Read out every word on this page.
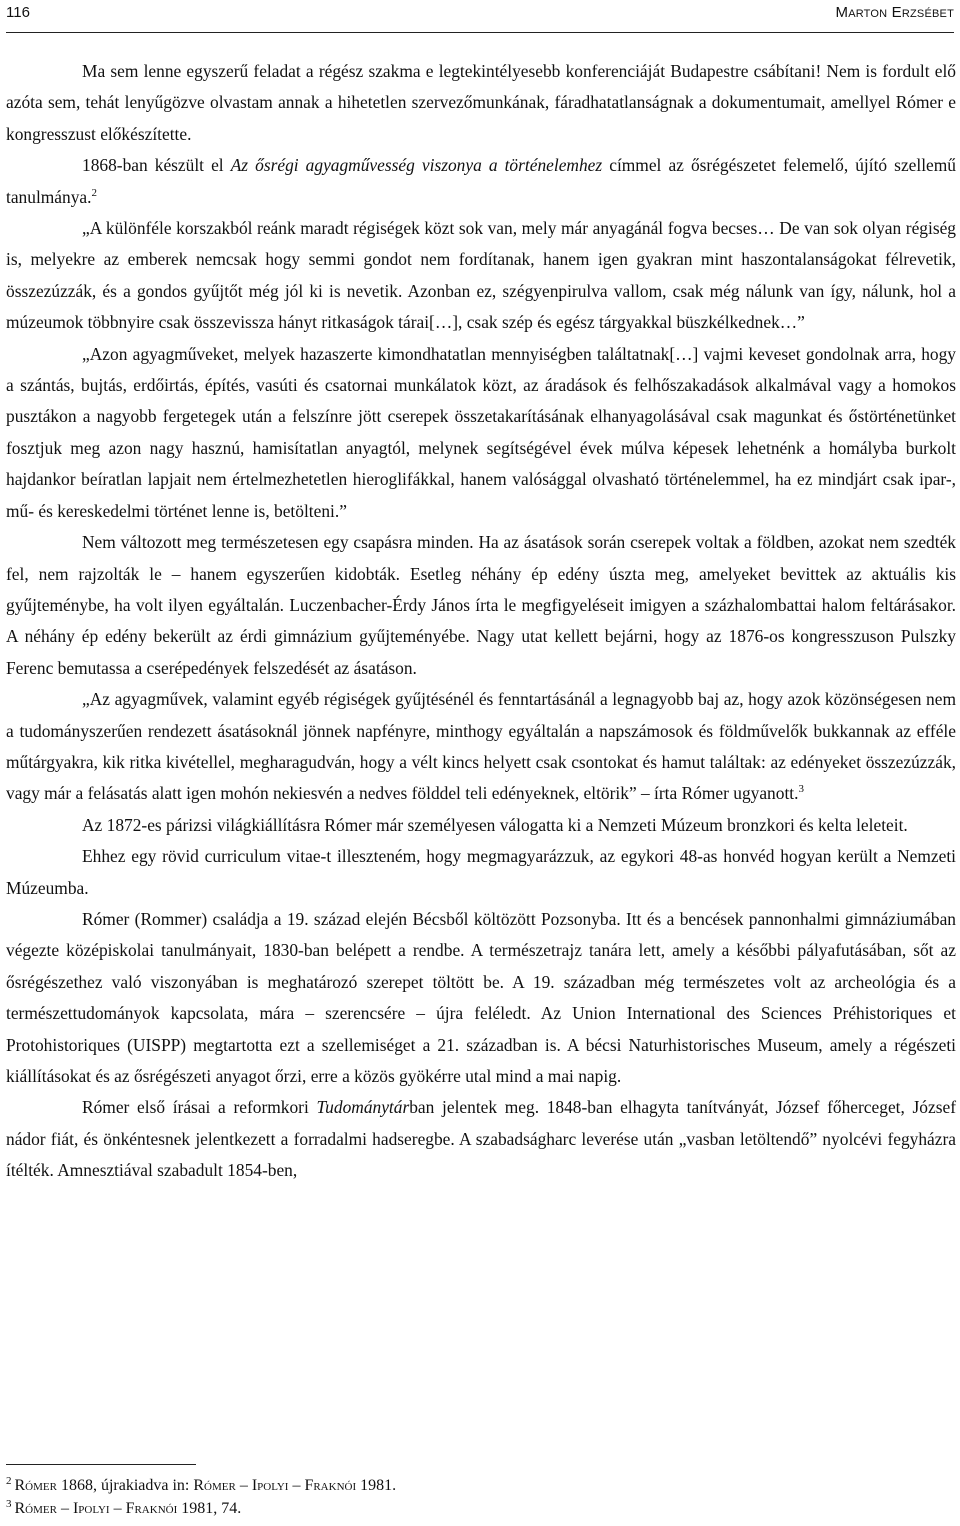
116	Marton Erzsébet

Ma sem lenne egyszerű feladat a régész szakma e legtekintélyesebb konferenciáját Budapestre csábítani! Nem is fordult elő azóta sem, tehát lenyűgözve olvastam annak a hihetetlen szervezőmunkának, fáradhatatlanságnak a dokumentumait, amellyel Rómer e kongresszust előkészítette.

1868-ban készült el Az ősrégi agyagművesség viszonya a történelemhez címmel az ősrégészetet felemelő, újító szellemű tanulmánya.$^2$

„A különféle korszakból reánk maradt régiségek közt sok van, mely már anyagánál fogva becses… De van sok olyan régiség is, melyekre az emberek nemcsak hogy semmi gondot nem fordítanak, hanem igen gyakran mint haszontalanságokat félrevetik, összezúzzák, és a gondos gyűjtőt még jól ki is nevetik. Azonban ez, szégyenpirulva vallom, csak még nálunk van így, nálunk, hol a múzeumok többnyire csak összevissza hányt ritkaságok tárai[…], csak szép és egész tárgyakkal büszkélkednek…”

„Azon agyagműveket, melyek hazaszerte kimondhatatlan mennyiségben találtatnak[…] vajmi keveset gondolnak arra, hogy a szántás, bujtás, erdőirtás, építés, vasúti és csatornai munkálatok közt, az áradások és felhőszakadások alkalmával vagy a homokos pusztákon a nagyobb fergetegek után a felszínre jött cserepek összetakarításának elhanyagolásával csak magunkat és őstörténetünket fosztjuk meg azon nagy hasznú, hamisítatlan anyagtól, melynek segítségével évek múlva képesek lehetnénk a homályba burkolt hajdankor beíratlan lapjait nem értelmezhetetlen hieroglifákkal, hanem valósággal olvasható történelemmel, ha ez mindjárt csak ipar-, mű- és kereskedelmi történet lenne is, betölteni.”

Nem változott meg természetesen egy csapásra minden. Ha az ásatások során cserepek voltak a földben, azokat nem szedték fel, nem rajzolták le – hanem egyszerűen kidobták. Esetleg néhány ép edény úszta meg, amelyeket bevittek az aktuális kis gyűjteménybe, ha volt ilyen egyáltalán. Luczenbacher-Érdy János írta le megfigyeléseit imigyen a százhalombattai halom feltárásakor. A néhány ép edény bekerült az érdi gimnázium gyűjteményébe. Nagy utat kellett bejárni, hogy az 1876-os kongresszuson Pulszky Ferenc bemutassa a cserépedények felszedését az ásatáson.

„Az agyagművek, valamint egyéb régiségek gyűjtésénél és fenntartásánál a legnagyobb baj az, hogy azok közönségesen nem a tudományszerűen rendezett ásatásoknál jönnek napfényre, minthogy egyáltalán a napszámosok és földművelők bukkannak az efféle műtárgyakra, kik ritka kivétellel, megharagudván, hogy a vélt kincs helyett csak csontokat és hamut találtak: az edényeket összezúzzák, vagy már a felásatás alatt igen mohón nekiesvén a nedves földdel teli edényeknek, eltörik” – írta Rómer ugyanott.$^3$

Az 1872-es párizsi világkiállításra Rómer már személyesen válogatta ki a Nemzeti Múzeum bronzkori és kelta leleteit.

Ehhez egy rövid curriculum vitae-t illeszteném, hogy megmagyarázzuk, az egykori 48-as honvéd hogyan került a Nemzeti Múzeumba.

Rómer (Rommer) családja a 19. század elején Bécsből költözött Pozsonyba. Itt és a bencések pannonhalmi gimnáziumában végezte középiskolai tanulmányait, 1830-ban belépett a rendbe. A természetrajz tanára lett, amely a későbbi pályafutásában, sőt az ősrégészethez való viszonyában is meghatározó szerepet töltött be. A 19. században még természetes volt az archeológia és a természettudományok kapcsolata, mára – szerencsére – újra feléledt. Az Union International des Sciences Préhistoriques et Protohistoriques (UISPP) megtartotta ezt a szellemiséget a 21. században is. A bécsi Naturhistorisches Museum, amely a régészeti kiállításokat és az ősrégészeti anyagot őrzi, erre a közös gyökérre utal mind a mai napig.

Rómer első írásai a reformkori Tudománytárban jelentek meg. 1848-ban elhagyta tanítványát, József főherceget, József nádor fiát, és önkéntesnek jelentkezett a forradalmi hadseregbe. A szabadságharc leverése után „vasban letöltendő” nyolcévi fegyházra ítélték. Amnesztiával szabadult 1854-ben,

$^2$ Rómer 1868, újrakiadva in: Rómer – Ipolyi – Fraknói 1981.
$^3$ Rómer – Ipolyi – Fraknói 1981, 74.
